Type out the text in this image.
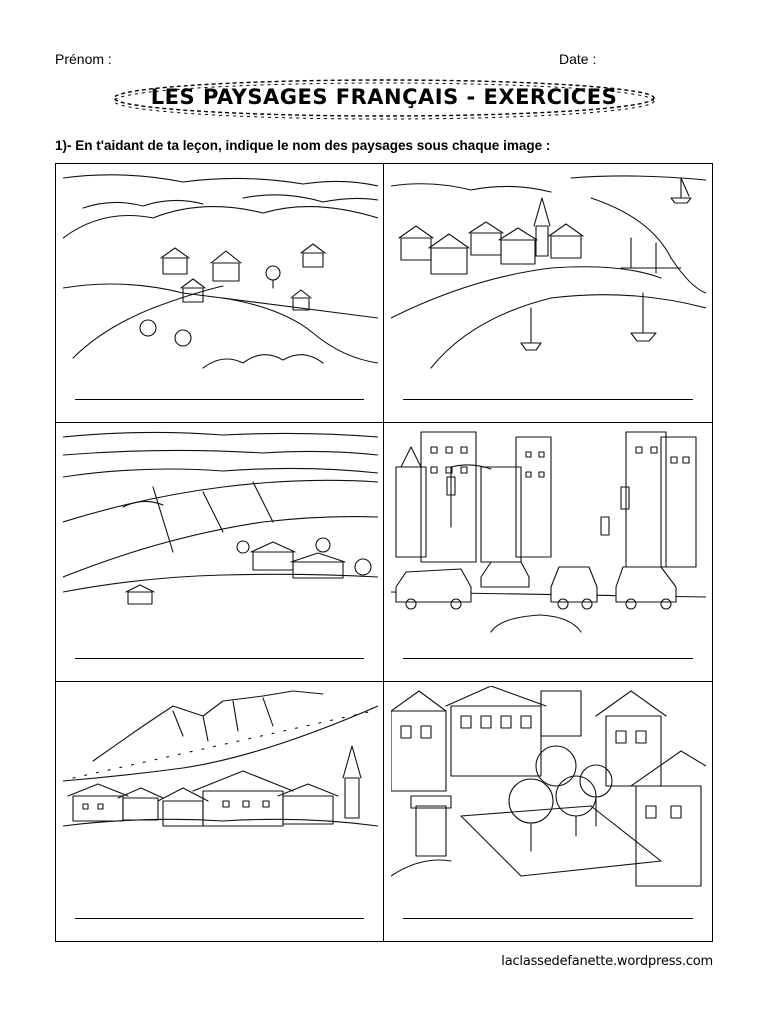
Prénom :	Date :
LES PAYSAGES FRANÇAIS - EXERCICES
1)- En t'aidant de ta leçon, indique le nom des paysages sous chaque image :
laclassedefanette.wordpress.com
